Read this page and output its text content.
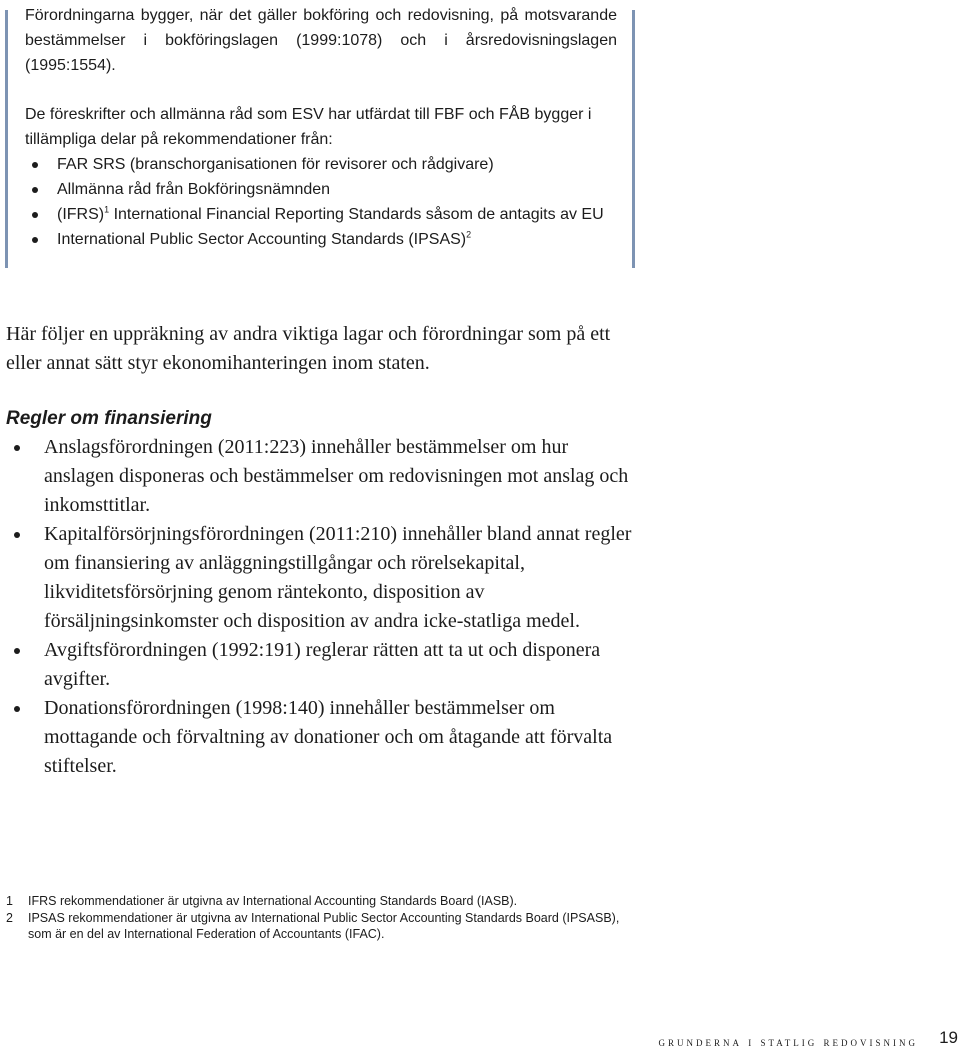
Förordningarna bygger, när det gäller bokföring och redovisning, på motsvarande bestämmelser i bokföringslagen (1999:1078) och i årsredovisningslagen (1995:1554).

De föreskrifter och allmänna råd som ESV har utfärdat till FBF och FÅB bygger i tillämpliga delar på rekommendationer från:

FAR SRS (branschorganisationen för revisorer och rådgivare)
Allmänna råd från Bokföringsnämnden
(IFRS)$^1$ International Financial Reporting Standards såsom de antagits av EU
International Public Sector Accounting Standards (IPSAS)$^2$

Här följer en uppräkning av andra viktiga lagar och förordningar som på ett eller annat sätt styr ekonomihanteringen inom staten.

Regler om finansiering
Anslagsförordningen (2011:223) innehåller bestämmelser om hur anslagen disponeras och bestämmelser om redovisningen mot anslag och inkomsttitlar.
Kapitalförsörjningsförordningen (2011:210) innehåller bland annat regler om finansiering av anläggningstillgångar och rörelsekapital, likviditetsförsörjning genom räntekonto, disposition av försäljningsinkomster och disposition av andra icke-statliga medel.
Avgiftsförordningen (1992:191) reglerar rätten att ta ut och disponera avgifter.
Donationsförordningen (1998:140) innehåller bestämmelser om mottagande och förvaltning av donationer och om åtagande att förvalta stiftelser.
1 IFRS rekommendationer är utgivna av International Accounting Standards Board (IASB).
2 IPSAS rekommendationer är utgivna av International Public Sector Accounting Standards Board (IPSASB), som är en del av International Federation of Accountants (IFAC).
grunderna i statlig redovisning 19
